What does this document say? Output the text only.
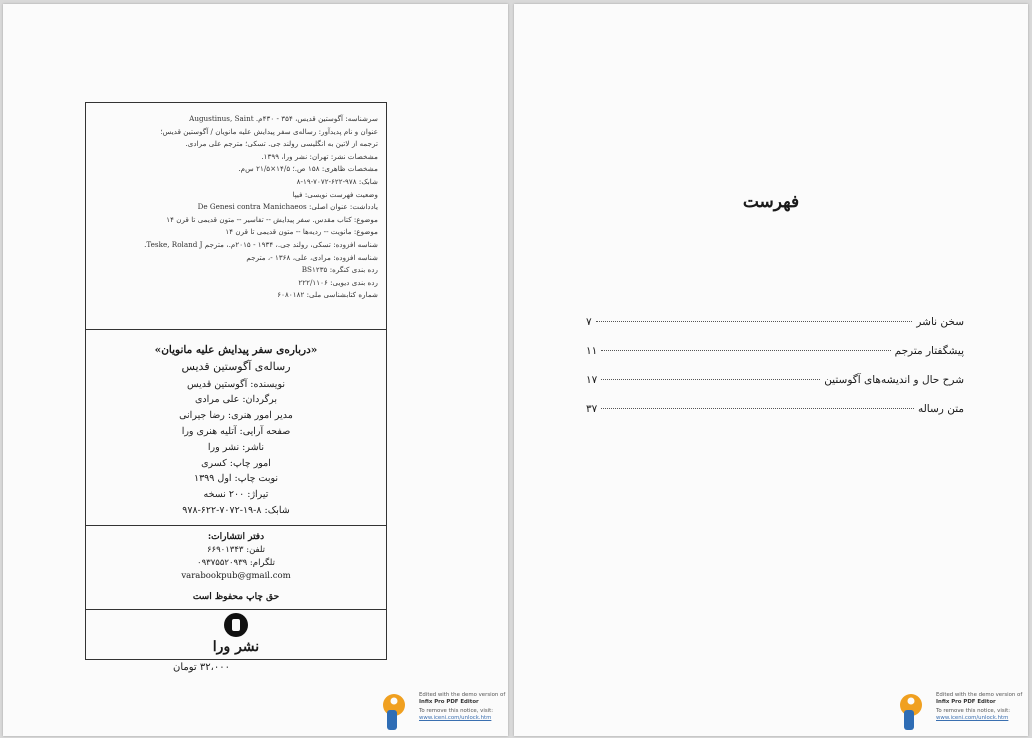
سرشناسه: آگوستین قدیس، ۳۵۴ - ۴۳۰م. Augustinus, Saint
عنوان و نام پدیدآور: رساله‌ی سفر پیدایش علیه مانویان / آگوستین قدیس؛
ترجمه از لاتین به انگلیسی رولند جی. تسکی؛ مترجم علی مرادی.
مشخصات نشر: تهران: نشر ورا، ۱۳۹۹.
مشخصات ظاهری: ۱۵۸ ص.؛ ۱۴/۵×۲۱/۵ س‌م.
شابک: ۹۷۸-۶۲۲-۷۰۷۲-۱۹-۸
وضعیت فهرست نویسی: فیپا
یادداشت: عنوان اصلی: De Genesi contra Manichaeos
موضوع: کتاب مقدس. سفر پیدایش -- تفاسیر -- متون قدیمی تا قرن ۱۴
موضوع: مانویت -- ردیه‌ها -- متون قدیمی تا قرن ۱۴
شناسه افزوده: تسکی، رولند جی.، ۱۹۳۴ - ۲۰۱۵م.، مترجم Teske, Roland J.
شناسه افزوده: مرادی، علی، ۱۳۶۸ -، مترجم
رده بندی کنگره: BS۱۲۳۵
رده بندی دیویی: ۲۲۲/۱۱۰۶
شماره کتابشناسی ملی: ۶۰۸۰۱۸۲
«درباره‌ی سفر پیدایش علیه مانویان»
رساله‌ی آگوستین قدیس
نویسنده: آگوستین قدیس
برگردان: علی مرادی
مدیر امور هنری: رضا جیرانی
صفحه آرایی: آتلیه هنری ورا
ناشر: نشر ورا
امور چاپ: کسری
نوبت چاپ: اول ۱۳۹۹
تیراژ: ۲۰۰ نسخه
شابک: ۸-۱۹-۷۰۷۲-۶۲۲-۹۷۸
دفتر انتشارات:
تلفن: ۶۶۹۰۱۳۴۳
تلگرام: ۰۹۳۷۵۵۲۰۹۳۹
varabookpub@gmail.com
حق چاپ محفوظ است
نشر ورا
۳۲،۰۰۰ تومان
Edited with the demo version of
Infix Pro PDF Editor
To remove this notice, visit:
www.iceni.com/unlock.htm
فهرست
سخن ناشر
۷
پیشگفتار مترجم
۱۱
شرح حال و اندیشه‌های آگوستین
۱۷
متن رساله
۳۷
Edited with the demo version of
Infix Pro PDF Editor
To remove this notice, visit:
www.iceni.com/unlock.htm
